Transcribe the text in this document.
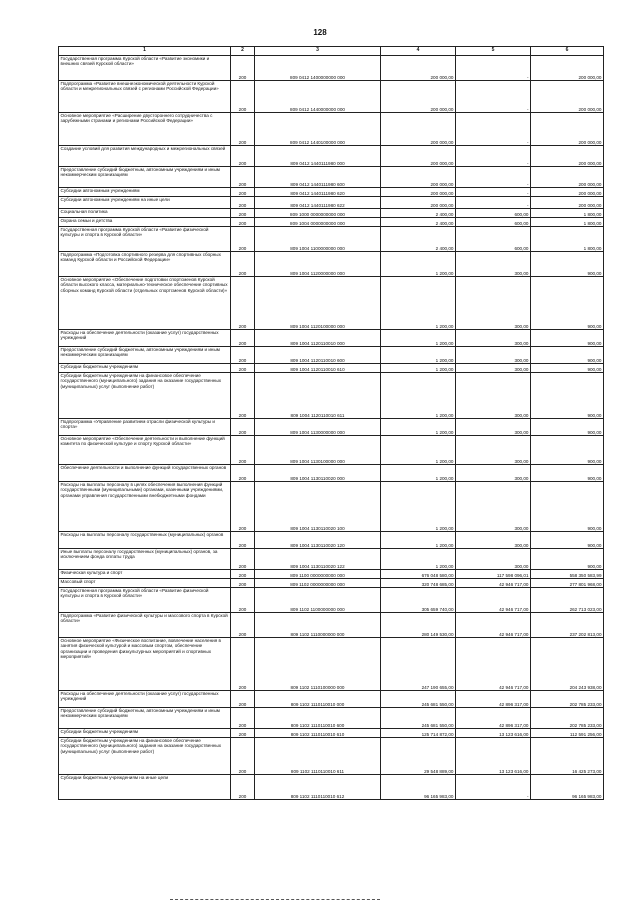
128
1	2	3	4	5	6
Государственная программа Курской области «Развитие экономики и внешних связей Курской области»	200	809 0412 1400000000 000	200 000,00	-	200 000,00
Подпрограмма «Развитие внешнеэкономической деятельности Курской области и межрегиональных связей с регионами Российской Федерации»	200	809 0412 1440000000 000	200 000,00	-	200 000,00
Основное мероприятие «Расширение двустороннего сотрудничества с зарубежными странами и регионами Российской Федерации»	200	809 0412 1440100000 000	200 000,00	-	200 000,00
Создание условий для развития международных и межрегиональных связей	200	809 0412 1440111980 000	200 000,00	-	200 000,00
Предоставление субсидий бюджетным, автономным учреждениям и иным некоммерческим организациям	200	809 0412 1440111980 600	200 000,00	-	200 000,00
Субсидии автономным учреждениям	200	809 0412 1440111980 620	200 000,00	-	200 000,00
Субсидии автономным учреждениям на иные цели	200	809 0412 1440111980 622	200 000,00	-	200 000,00
Социальная политика	200	809 1000 0000000000 000	2 400,00	600,00	1 800,00
Охрана семьи и детства	200	809 1004 0000000000 000	2 400,00	600,00	1 800,00
Государственная программа Курской области «Развитие физической культуры и спорта в Курской области»	200	809 1004 1100000000 000	2 400,00	600,00	1 800,00
Подпрограмма «Подготовка спортивного резерва для спортивных сборных команд Курской области и Российской Федерации»	200	809 1004 1120000000 000	1 200,00	300,00	900,00
Основное мероприятие «Обеспечение подготовки спортсменов Курской области высокого класса, материально-техническое обеспечение спортивных сборных команд Курской области (отдельных спортсменов Курской области)»	200	809 1004 1120100000 000	1 200,00	300,00	900,00
Расходы на обеспечение деятельности (оказание услуг) государственных учреждений	200	809 1004 1120110010 000	1 200,00	300,00	900,00
Предоставление субсидий бюджетным, автономным учреждениям и иным некоммерческим организациям	200	809 1004 1120110010 600	1 200,00	300,00	900,00
Субсидии бюджетным учреждениям	200	809 1004 1120110010 610	1 200,00	300,00	900,00
Субсидии бюджетным учреждениям на финансовое обеспечение государственного (муниципального) задания на оказание государственных (муниципальных) услуг (выполнение работ)	200	809 1004 1120110010 611	1 200,00	300,00	900,00
Подпрограмма «Управление развитием отрасли физической культуры и спорта»	200	809 1004 1130000000 000	1 200,00	300,00	900,00
Основное мероприятие «Обеспечение деятельности и выполнение функций комитета по физической культуре и спорту Курской области»	200	809 1004 1130100000 000	1 200,00	300,00	900,00
Обеспечение деятельности и выполнение функций государственных органов	200	809 1004 1130110020 000	1 200,00	300,00	900,00
Расходы на выплаты персоналу в целях обеспечения выполнения функций государственными (муниципальными) органами, казенными учреждениями, органами управления государственными внебюджетными фондами	200	809 1004 1130110020 100	1 200,00	300,00	900,00
Расходы на выплаты персоналу государственных (муниципальных) органов	200	809 1004 1130110020 120	1 200,00	300,00	900,00
Иные выплаты персоналу государственных (муниципальных) органов, за исключением фонда оплаты труда	200	809 1004 1130110020 122	1 200,00	300,00	900,00
Физическая культура и спорт	200	809 1100 0000000000 000	676 048 580,00	117 598 096,01	558 350 583,99
Массовый спорт	200	809 1102 0000000000 000	320 748 685,00	42 946 717,00	277 801 968,00
Государственная программа Курской области «Развитие физической культуры и спорта в Курской области»	200	809 1102 1100000000 000	305 659 740,00	42 946 717,00	262 713 023,00
Подпрограмма «Развитие физической культуры и массового спорта в Курской области»	200	809 1102 1110000000 000	280 149 530,00	42 946 717,00	237 202 813,00
Основное мероприятие «Физическое воспитание, вовлечение населения в занятия физической культурой и массовым спортом, обеспечение организации и проведения физкультурных мероприятий и спортивных мероприятий»	200	809 1102 1110100000 000	247 190 655,00	42 946 717,00	204 243 938,00
Расходы на обеспечение деятельности (оказание услуг) государственных учреждений	200	809 1102 1110110010 000	245 681 550,00	42 896 317,00	202 785 233,00
Предоставление субсидий бюджетным, автономным учреждениям и иным некоммерческим организациям	200	809 1102 1110110010 600	245 681 550,00	42 896 317,00	202 785 233,00
Субсидии бюджетным учреждениям	200	809 1102 1110110010 610	125 714 872,00	13 123 616,00	112 591 256,00
Субсидии бюджетным учреждениям на финансовое обеспечение государственного (муниципального) задания на оказание государственных (муниципальных) услуг (выполнение работ)	200	809 1102 1110110010 611	29 548 889,00	13 123 616,00	16 425 273,00
Субсидии бюджетным учреждениям на иные цели	200	809 1102 1110110010 612	96 165 983,00	-	96 165 983,00
